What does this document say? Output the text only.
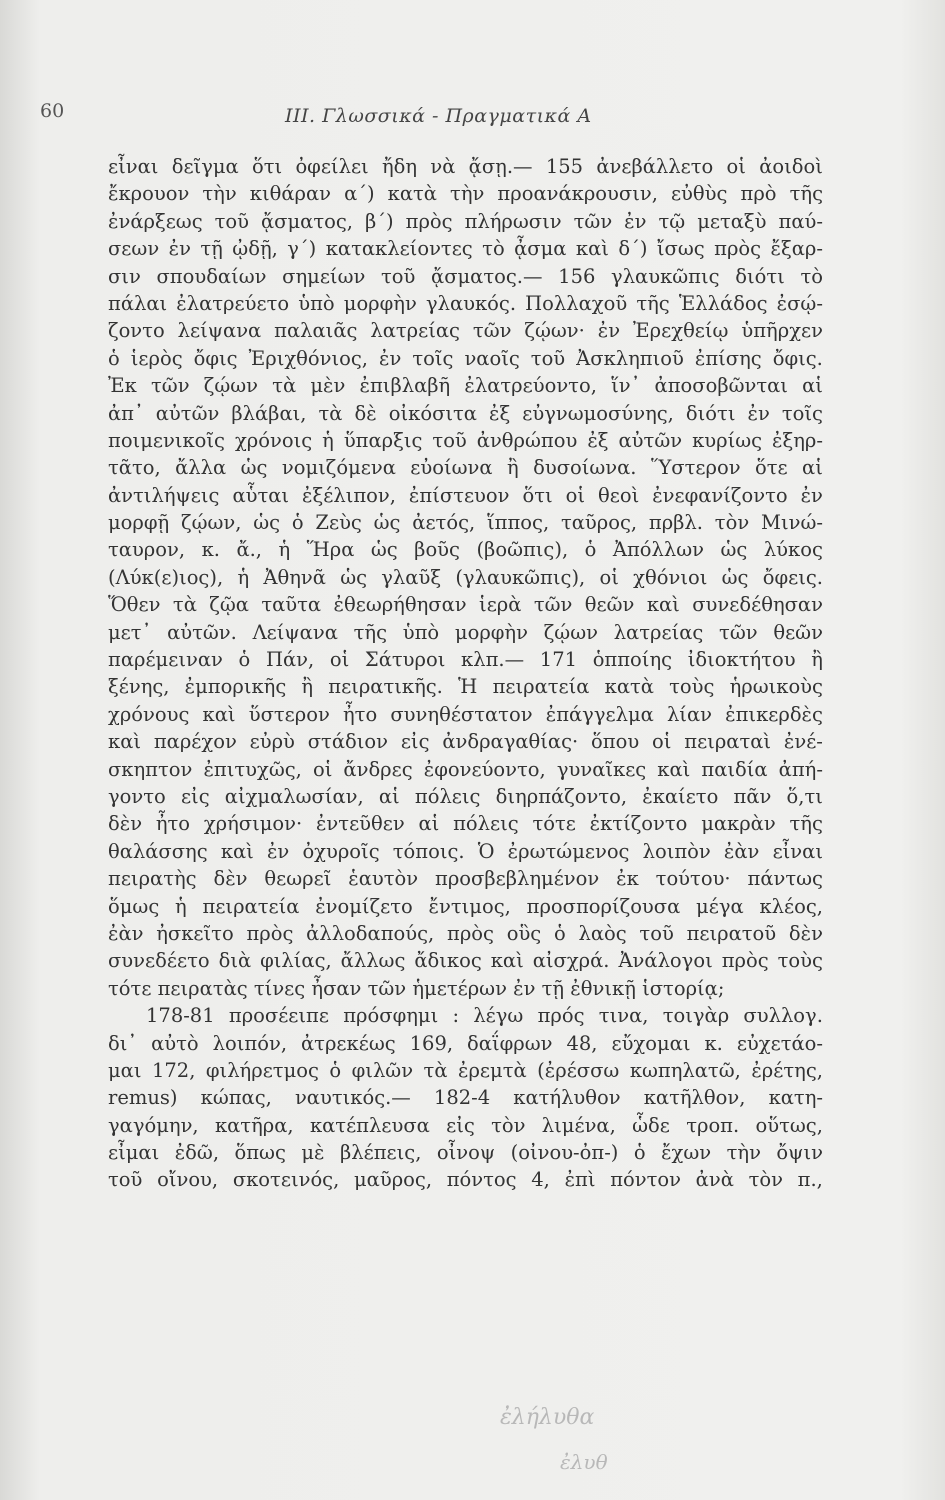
60	ΙΙΙ. Γλωσσικά - Πραγματικά Α
εἶναι δεῖγμα ὅτι ὀφείλει ἤδη νὰ ᾄσῃ.— 155 ἀνεβάλλετο οἱ ἀοιδοὶ
ἔκρουον τὴν κιθάραν α΄) κατὰ τὴν προανάκρουσιν, εὐθὺς πρὸ τῆς
ἐνάρξεως τοῦ ᾄσματος, β΄) πρὸς πλήρωσιν τῶν ἐν τῷ μεταξὺ παύ-
σεων ἐν τῇ ᾠδῇ, γ΄) κατακλείοντες τὸ ᾆσμα καὶ δ΄) ἴσως πρὸς ἔξαρ-
σιν σπουδαίων σημείων τοῦ ᾄσματος.— 156 γλαυκῶπις διότι τὸ
πάλαι ἐλατρεύετο ὑπὸ μορφὴν γλαυκός. Πολλαχοῦ τῆς Ἑλλάδος ἐσῴ-
ζοντο λείψανα παλαιᾶς λατρείας τῶν ζῴων· ἐν Ἐρεχθείῳ ὑπῆρχεν
ὁ ἱερὸς ὄφις Ἐριχθόνιος, ἐν τοῖς ναοῖς τοῦ Ἀσκληπιοῦ ἐπίσης ὄφις.
Ἐκ τῶν ζῴων τὰ μὲν ἐπιβλαβῆ ἐλατρεύοντο, ἵν᾽ ἀποσοβῶνται αἱ
ἀπ᾽ αὐτῶν βλάβαι, τὰ δὲ οἰκόσιτα ἐξ εὐγνωμοσύνης, διότι ἐν τοῖς
ποιμενικοῖς χρόνοις ἡ ὕπαρξις τοῦ ἀνθρώπου ἐξ αὐτῶν κυρίως ἐξηρ-
τᾶτο, ἄλλα ὡς νομιζόμενα εὐοίωνα ἢ δυσοίωνα. Ὕστερον ὅτε αἱ
ἀντιλήψεις αὗται ἐξέλιπον, ἐπίστευον ὅτι οἱ θεοὶ ἐνεφανίζοντο ἐν
μορφῇ ζῴων, ὡς ὁ Ζεὺς ὡς ἀετός, ἵππος, ταῦρος, πρβλ. τὸν Μινώ-
ταυρον, κ. ἄ., ἡ Ἥρα ὡς βοῦς (βοῶπις), ὁ Ἀπόλλων ὡς λύκος
(Λύκ(ε)ιος), ἡ Ἀθηνᾶ ὡς γλαῦξ (γλαυκῶπις), οἱ χθόνιοι ὡς ὄφεις.
Ὅθεν τὰ ζῷα ταῦτα ἐθεωρήθησαν ἱερὰ τῶν θεῶν καὶ συνεδέθησαν
μετ᾽ αὐτῶν. Λείψανα τῆς ὑπὸ μορφὴν ζῴων λατρείας τῶν θεῶν
παρέμειναν ὁ Πάν, οἱ Σάτυροι κλπ.— 171 ὁπποίης ἰδιοκτήτου ἢ
ξένης, ἐμπορικῆς ἢ πειρατικῆς. Ἡ πειρατεία κατὰ τοὺς ἡρωικοὺς
χρόνους καὶ ὕστερον ἦτο συνηθέστατον ἐπάγγελμα λίαν ἐπικερδὲς
καὶ παρέχον εὐρὺ στάδιον εἰς ἀνδραγαθίας· ὅπου οἱ πειραταὶ ἐνέ-
σκηπτον ἐπιτυχῶς, οἱ ἄνδρες ἐφονεύοντο, γυναῖκες καὶ παιδία ἀπή-
γοντο εἰς αἰχμαλωσίαν, αἱ πόλεις διηρπάζοντο, ἐκαίετο πᾶν ὅ,τι
δὲν ἦτο χρήσιμον· ἐντεῦθεν αἱ πόλεις τότε ἐκτίζοντο μακρὰν τῆς
θαλάσσης καὶ ἐν ὀχυροῖς τόποις. Ὁ ἐρωτώμενος λοιπὸν ἐὰν εἶναι
πειρατὴς δὲν θεωρεῖ ἑαυτὸν προσβεβλημένον ἐκ τούτου· πάντως
ὅμως ἡ πειρατεία ἐνομίζετο ἔντιμος, προσπορίζουσα μέγα κλέος,
ἐὰν ἠσκεῖτο πρὸς ἀλλοδαπούς, πρὸς οὓς ὁ λαὸς τοῦ πειρατοῦ δὲν
συνεδέετο διὰ φιλίας, ἄλλως ἄδικος καὶ αἰσχρά. Ἀνάλογοι πρὸς τοὺς
τότε πειρατὰς τίνες ἦσαν τῶν ἡμετέρων ἐν τῇ ἐθνικῇ ἱστορίᾳ;
178-81 προσέειπε πρόσφημι : λέγω πρός τινα, τοιγὰρ συλλογ.
δι᾽ αὐτὸ λοιπόν, ἀτρεκέως 169, δαΐφρων 48, εὔχομαι κ. εὐχετάο-
μαι 172, φιλήρετμος ὁ φιλῶν τὰ ἐρεμτὰ (ἐρέσσω κωπηλατῶ, ἐρέτης,
remus) κώπας, ναυτικός.— 182-4 κατήλυθον κατῆλθον, κατη-
γαγόμην, κατῆρα, κατέπλευσα εἰς τὸν λιμένα, ὧδε τροπ. οὕτως,
εἶμαι ἐδῶ, ὅπως μὲ βλέπεις, οἶνοψ (οἰνου-ὀπ-) ὁ ἔχων τὴν ὄψιν
τοῦ οἴνου, σκοτεινός, μαῦρος, πόντος 4, ἐπὶ πόντον ἀνὰ τὸν π.,
ἐλήλυθα
ἐλυθ
